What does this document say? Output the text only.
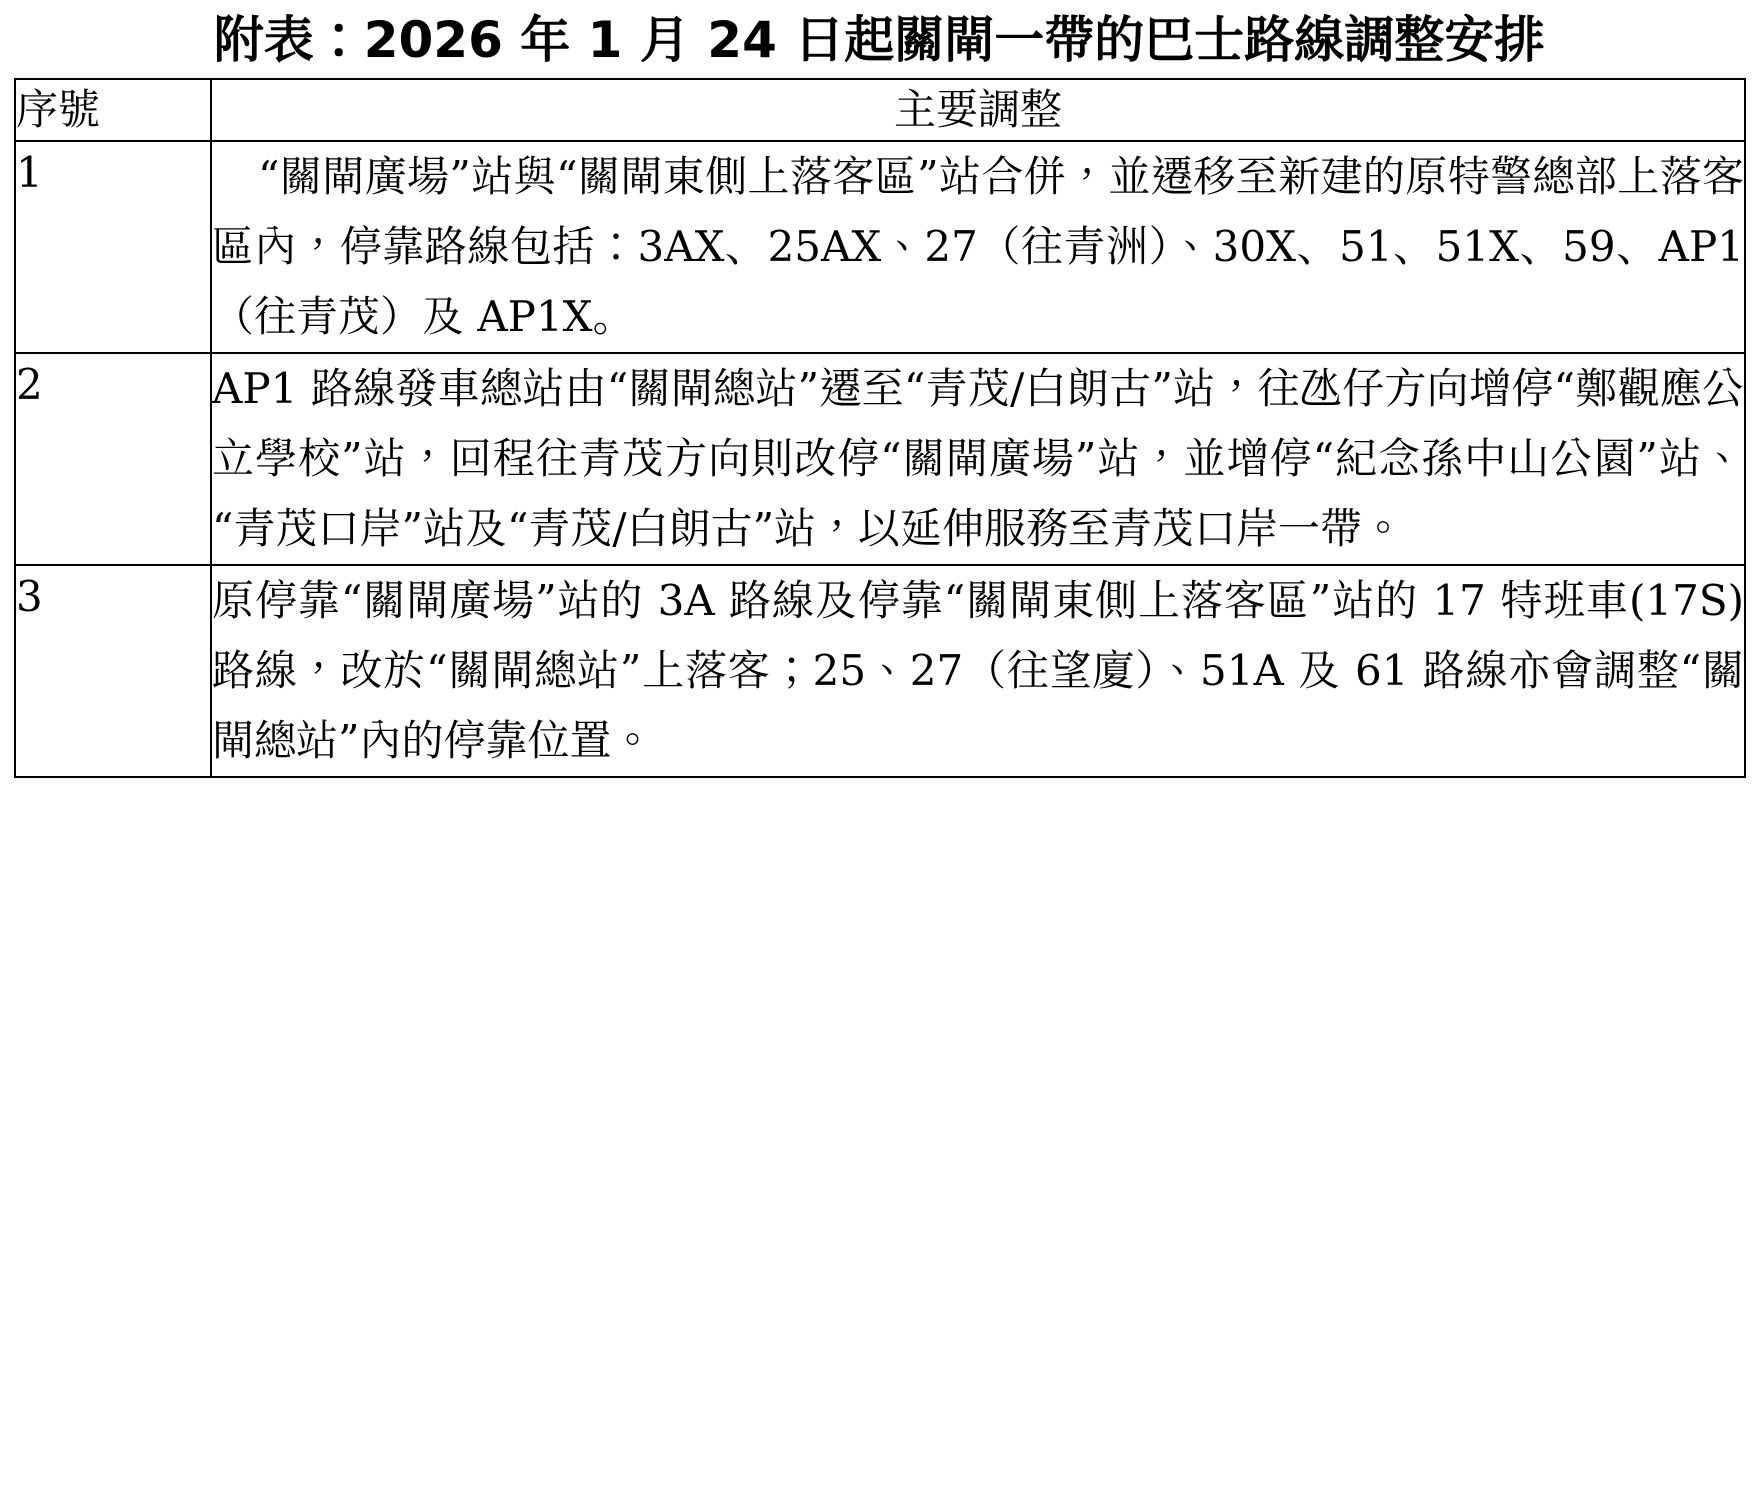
附表：2026 年 1 月 24 日起關閘一帶的巴士路線調整安排
序號	主要調整
1	“關閘廣場”站與“關閘東側上落客區”站合併，並遷移至新建的原特警總部上落客區內，停靠路線包括：3AX、25AX、27（往青洲）、30X、51、51X、59、AP1（往青茂）及 AP1X。
2	AP1 路線發車總站由“關閘總站”遷至“青茂/白朗古”站，往氹仔方向增停“鄭觀應公立學校”站，回程往青茂方向則改停“關閘廣場”站，並增停“紀念孫中山公園”站、“青茂口岸”站及“青茂/白朗古”站，以延伸服務至青茂口岸一帶。
3	原停靠“關閘廣場”站的 3A 路線及停靠“關閘東側上落客區”站的 17 特班車(17S)路線，改於“關閘總站”上落客；25、27（往望廈）、51A 及 61 路線亦會調整“關閘總站”內的停靠位置。
